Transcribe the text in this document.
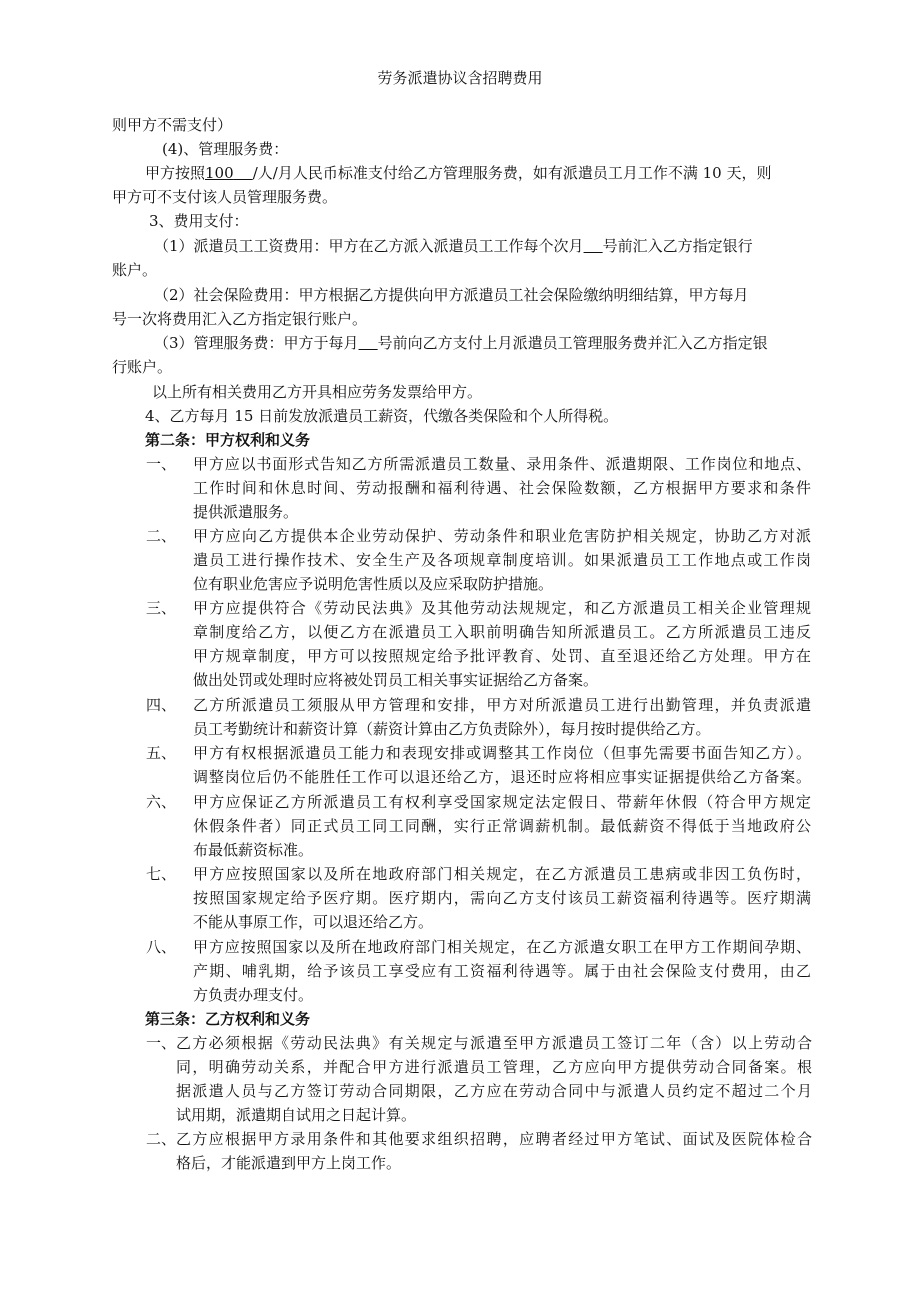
劳务派遣协议含招聘费用
则甲方不需支付）
(4)、管理服务费：
甲方按照100 /人/月人民币标准支付给乙方管理服务费，如有派遣员工月工作不满 10 天，则
甲方可不支付该人员管理服务费。
3、费用支付：
（1）派遣员工工资费用：甲方在乙方派入派遣员工工作每个次月 号前汇入乙方指定银行
账户。
（2）社会保险费用：甲方根据乙方提供向甲方派遣员工社会保险缴纳明细结算，甲方每月
号一次将费用汇入乙方指定银行账户。
（3）管理服务费：甲方于每月 号前向乙方支付上月派遣员工管理服务费并汇入乙方指定银
行账户。
以上所有相关费用乙方开具相应劳务发票给甲方。
4、乙方每月 15 日前发放派遣员工薪资，代缴各类保险和个人所得税。
第二条：甲方权利和义务
一、	甲方应以书面形式告知乙方所需派遣员工数量、录用条件、派遣期限、工作岗位和地点、
工作时间和休息时间、劳动报酬和福利待遇、社会保险数额，乙方根据甲方要求和条件
提供派遣服务。
二、	甲方应向乙方提供本企业劳动保护、劳动条件和职业危害防护相关规定，协助乙方对派
遣员工进行操作技术、安全生产及各项规章制度培训。如果派遣员工工作地点或工作岗
位有职业危害应予说明危害性质以及应采取防护措施。
三、	甲方应提供符合《劳动民法典》及其他劳动法规规定，和乙方派遣员工相关企业管理规
章制度给乙方，以便乙方在派遣员工入职前明确告知所派遣员工。乙方所派遣员工违反
甲方规章制度，甲方可以按照规定给予批评教育、处罚、直至退还给乙方处理。甲方在
做出处罚或处理时应将被处罚员工相关事实证据给乙方备案。
四、	乙方所派遣员工须服从甲方管理和安排，甲方对所派遣员工进行出勤管理，并负责派遣
员工考勤统计和薪资计算（薪资计算由乙方负责除外），每月按时提供给乙方。
五、	甲方有权根据派遣员工能力和表现安排或调整其工作岗位（但事先需要书面告知乙方）。
调整岗位后仍不能胜任工作可以退还给乙方，退还时应将相应事实证据提供给乙方备案。
六、	甲方应保证乙方所派遣员工有权利享受国家规定法定假日、带薪年休假（符合甲方规定
休假条件者）同正式员工同工同酬，实行正常调薪机制。最低薪资不得低于当地政府公
布最低薪资标准。
七、	甲方应按照国家以及所在地政府部门相关规定，在乙方派遣员工患病或非因工负伤时，
按照国家规定给予医疗期。医疗期内，需向乙方支付该员工薪资福利待遇等。医疗期满
不能从事原工作，可以退还给乙方。
八、	甲方应按照国家以及所在地政府部门相关规定，在乙方派遣女职工在甲方工作期间孕期、
产期、哺乳期，给予该员工享受应有工资福利待遇等。属于由社会保险支付费用，由乙
方负责办理支付。
第三条：乙方权利和义务
一、 乙方必须根据《劳动民法典》有关规定与派遣至甲方派遣员工签订二年（含）以上劳动合
同，明确劳动关系，并配合甲方进行派遣员工管理，乙方应向甲方提供劳动合同备案。根
据派遣人员与乙方签订劳动合同期限，乙方应在劳动合同中与派遣人员约定不超过二个月
试用期，派遣期自试用之日起计算。
二、 乙方应根据甲方录用条件和其他要求组织招聘，应聘者经过甲方笔试、面试及医院体检合
格后，才能派遣到甲方上岗工作。
